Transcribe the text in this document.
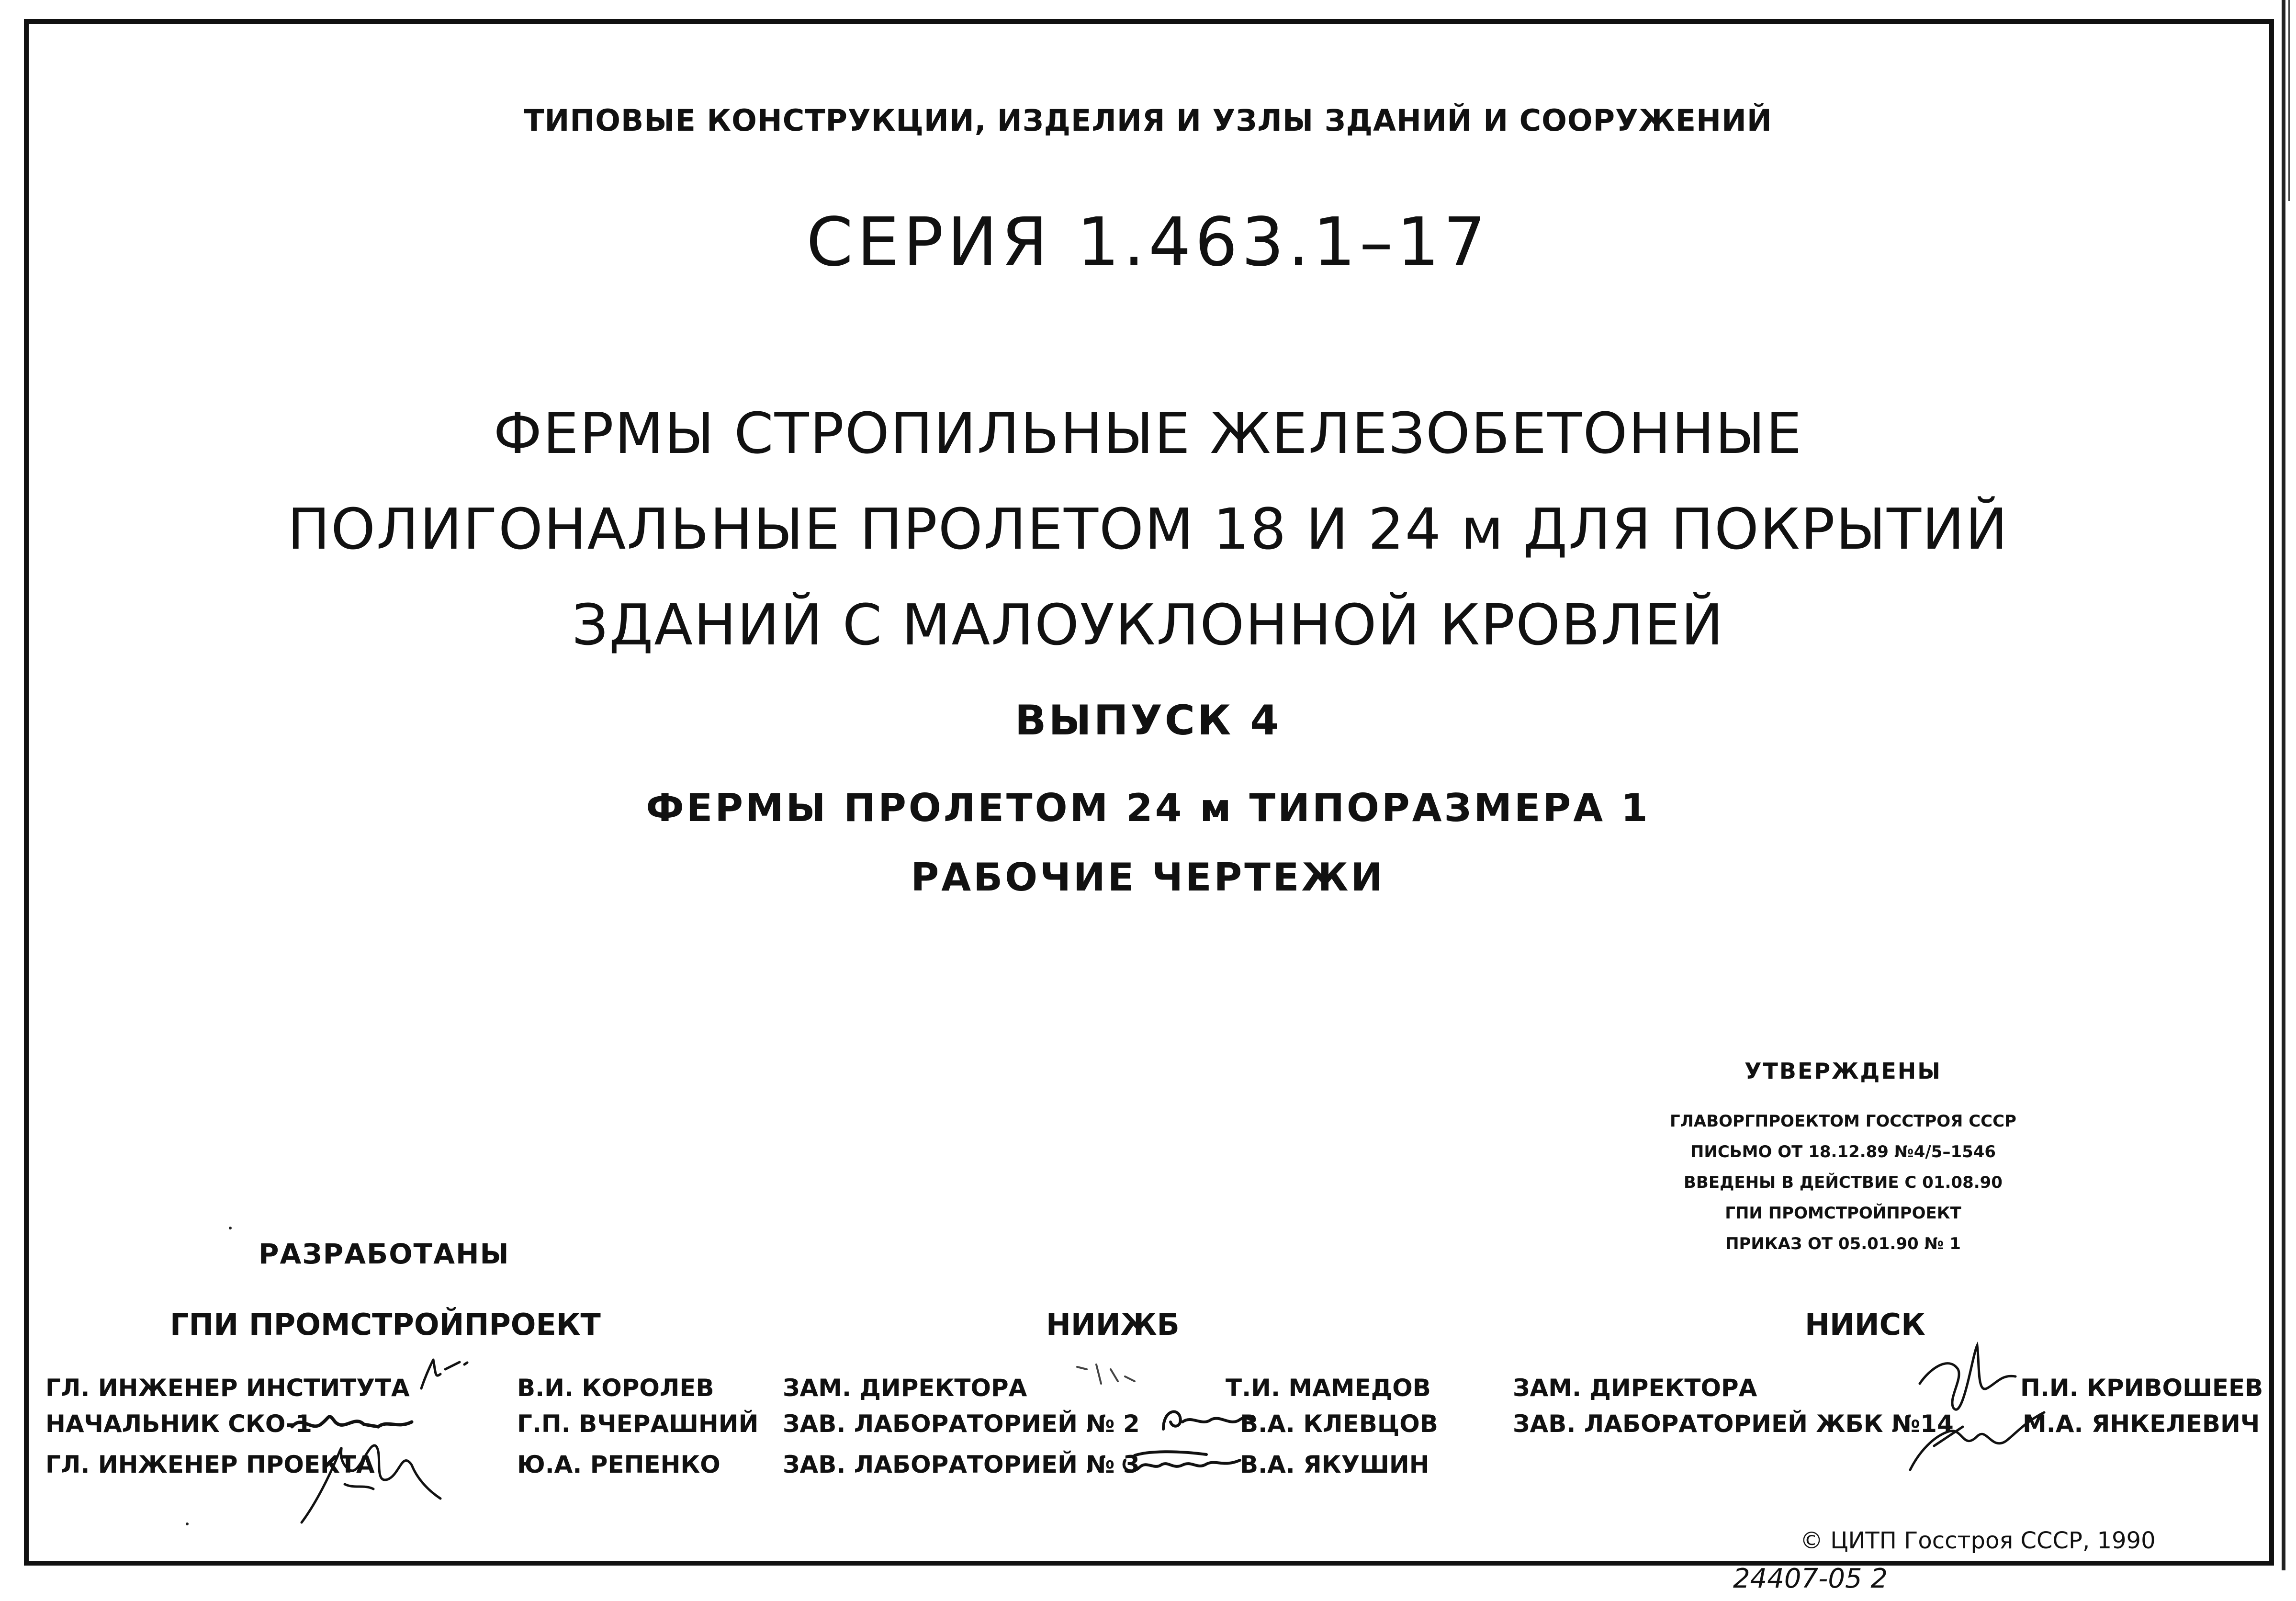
ТИПОВЫЕ КОНСТРУКЦИИ, ИЗДЕЛИЯ И УЗЛЫ ЗДАНИЙ И СООРУЖЕНИЙ
СЕРИЯ 1.463.1–17
ФЕРМЫ СТРОПИЛЬНЫЕ ЖЕЛЕЗОБЕТОННЫЕ
ПОЛИГОНАЛЬНЫЕ ПРОЛЕТОМ 18 И 24 м ДЛЯ ПОКРЫТИЙ
ЗДАНИЙ С МАЛОУКЛОННОЙ КРОВЛЕЙ
ВЫПУСК 4
ФЕРМЫ ПРОЛЕТОМ 24 м ТИПОРАЗМЕРА 1
РАБОЧИЕ ЧЕРТЕЖИ
УТВЕРЖДЕНЫ
ГЛАВОРГПРОЕКТОМ ГОССТРОЯ СССР
ПИСЬМО ОТ 18.12.89 №4/5–1546
ВВЕДЕНЫ В ДЕЙСТВИЕ С 01.08.90
ГПИ ПРОМСТРОЙПРОЕКТ
ПРИКАЗ ОТ 05.01.90 № 1
РАЗРАБОТАНЫ
ГПИ ПРОМСТРОЙПРОЕКТ
ГЛ. ИНЖЕНЕР ИНСТИТУТА
НАЧАЛЬНИК СКО-1
ГЛ. ИНЖЕНЕР ПРОЕКТА
В.И. КОРОЛЕВ
Г.П. ВЧЕРАШНИЙ
Ю.А. РЕПЕНКО
НИИЖБ
ЗАМ. ДИРЕКТОРА
ЗАВ. ЛАБОРАТОРИЕЙ № 2
ЗАВ. ЛАБОРАТОРИЕЙ № 3
Т.И. МАМЕДОВ
В.А. КЛЕВЦОВ
В.А. ЯКУШИН
НИИСК
ЗАМ. ДИРЕКТОРА
ЗАВ. ЛАБОРАТОРИЕЙ ЖБК №14
П.И. КРИВОШЕЕВ
М.А. ЯНКЕЛЕВИЧ
© ЦИТП Госстроя СССР, 1990
24407-05 2
